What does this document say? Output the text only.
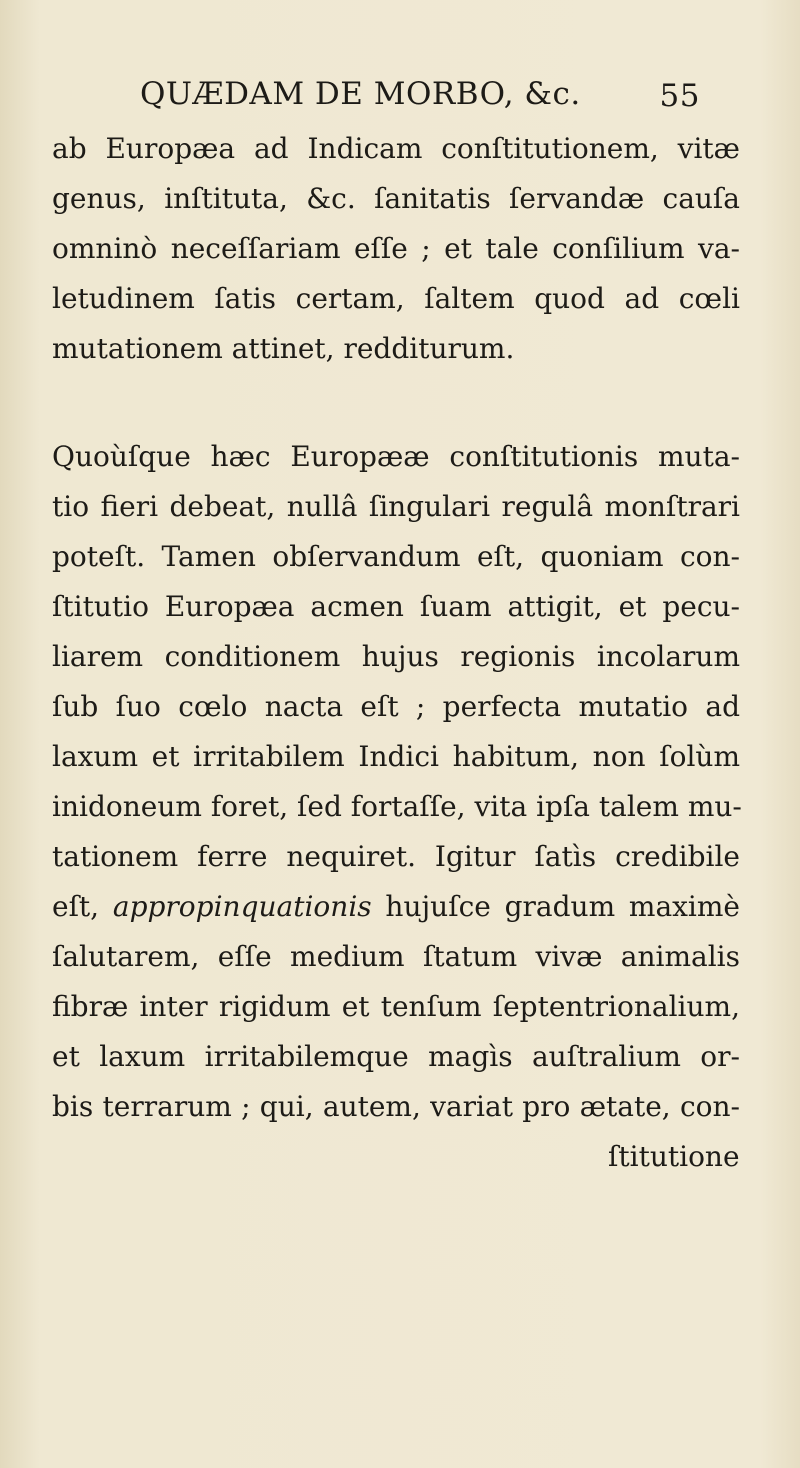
QUÆDAM DE MORBO, &c.	55
ab Europæa ad Indicam conſtitutionem, vitæ
genus, inſtituta, &c. ſanitatis ſervandæ cauſa
omninò neceſſariam eſſe ; et tale conſilium va-
letudinem ſatis certam, ſaltem quod ad cœli
mutationem attinet, redditurum.
Quoùſque hæc Europææ conſtitutionis muta-
tio fieri debeat, nullâ ſingulari regulâ monſtrari
poteſt. Tamen obſervandum eſt, quoniam con-
ſtitutio Europæa acmen ſuam attigit, et pecu-
liarem conditionem hujus regionis incolarum
ſub ſuo cœlo nacta eſt ; perfecta mutatio ad
laxum et irritabilem Indici habitum, non ſolùm
inidoneum foret, ſed fortaſſe, vita ipſa talem mu-
tationem ferre nequiret. Igitur ſatìs credibile
eſt, appropinquationis hujuſce gradum maximè
ſalutarem, eſſe medium ſtatum vivæ animalis
fibræ inter rigidum et tenſum ſeptentrionalium,
et laxum irritabilemque magìs auſtralium or-
bis terrarum ; qui, autem, variat pro ætate, con-
ſtitutione
